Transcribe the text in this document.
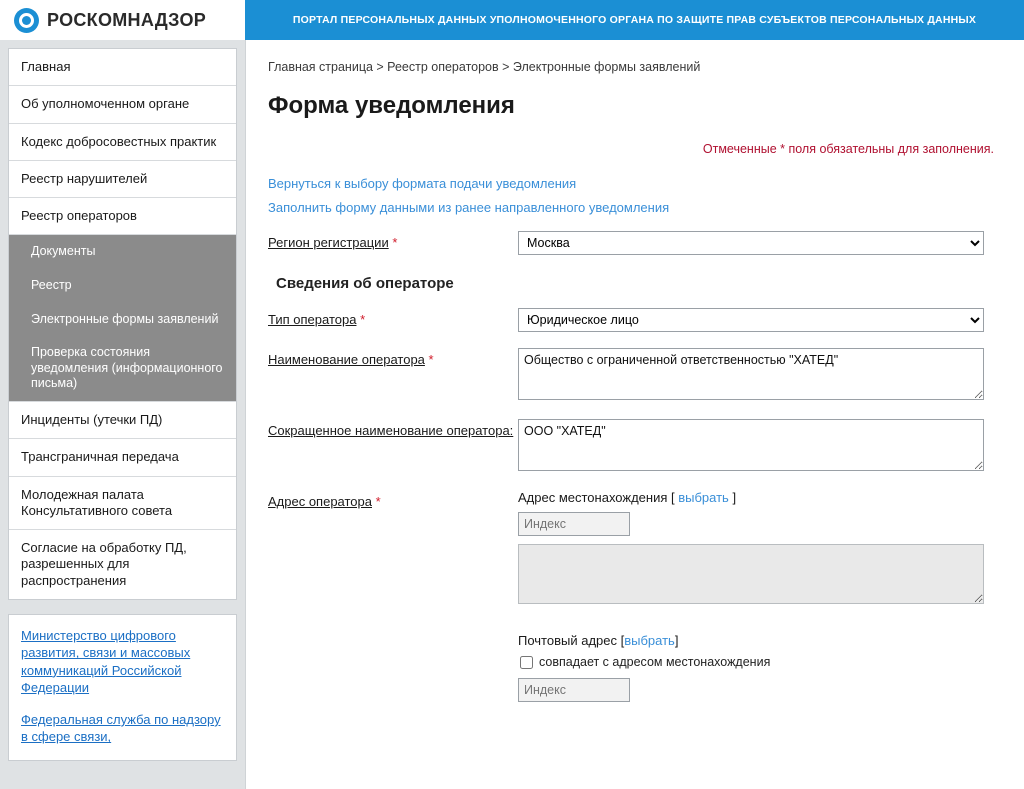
РОСКОМНАДЗОР	ПОРТАЛ ПЕРСОНАЛЬНЫХ ДАННЫХ УПОЛНОМОЧЕННОГО ОРГАНА ПО ЗАЩИТЕ ПРАВ СУБЪЕКТОВ ПЕРСОНАЛЬНЫХ ДАННЫХ
Главная
Об уполномоченном органе
Кодекс добросовестных практик
Реестр нарушителей
Реестр операторов
Документы
Реестр
Электронные формы заявлений
Проверка состояния уведомления (информационного письма)
Инциденты (утечки ПД)
Трансграничная передача
Молодежная палата Консультативного совета
Согласие на обработку ПД, разрешенных для распространения
Министерство цифрового развития, связи и массовых коммуникаций Российской Федерации
Федеральная служба по надзору в сфере связи,
Главная страница > Реестр операторов > Электронные формы заявлений
Форма уведомления
Отмеченные * поля обязательны для заполнения.
Вернуться к выбору формата подачи уведомления
Заполнить форму данными из ранее направленного уведомления
Регион регистрации *
Москва
Сведения об операторе
Тип оператора *
Юридическое лицо
Наименование оператора *
Общество с ограниченной ответственностью "ХАТЕД"
Сокращенное наименование оператора:
ООО "ХАТЕД"
Адрес оператора *	Адрес местонахождения [ выбрать ]
Индекс
Почтовый адрес [выбрать]
совпадает с адресом местонахождения
Индекс
